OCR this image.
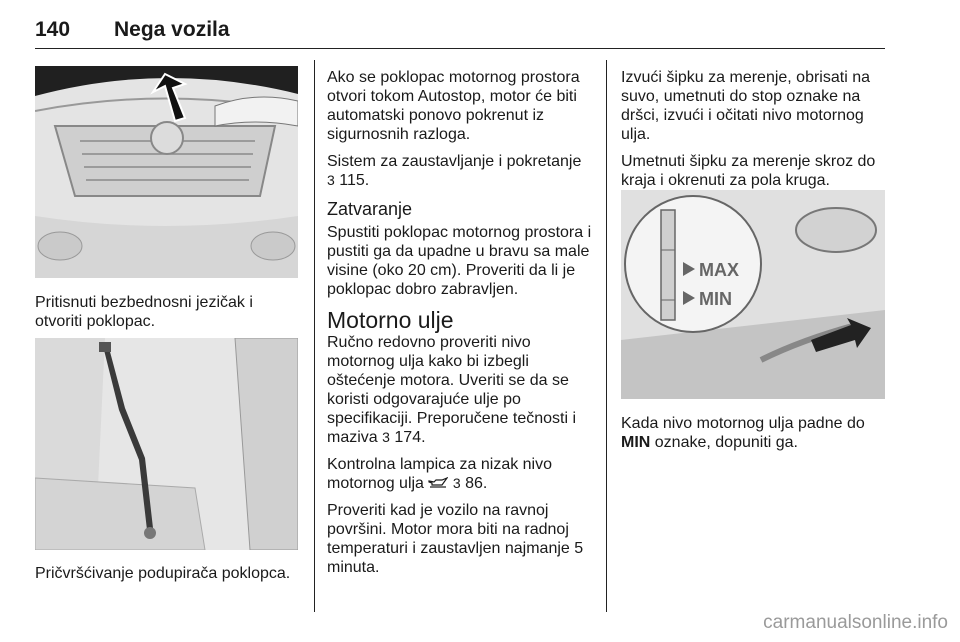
140 Nega vozila
Pritisnuti bezbednosni jezičak i otvoriti poklopac.
Pričvršćivanje podupirača poklopca.

Ako se poklopac motornog prostora otvori tokom Autostop, motor će biti automatski ponovo pokrenut iz sigurnosnih razloga.

Sistem za zaustavljanje i pokretanje 3 115.

Zatvaranje

Spustiti poklopac motornog prostora i pustiti ga da upadne u bravu sa male visine (oko 20 cm). Proveriti da li je poklopac dobro zabravljen.

Motorno ulje

Ručno redovno proveriti nivo motornog ulja kako bi izbegli oštećenje motora. Uveriti se da se koristi odgovarajuće ulje po specifikaciji. Preporučene tečnosti i maziva 3 174.

Kontrolna lampica za nizak nivo motornog ulja 3 86.

Proveriti kad je vozilo na ravnoj površini. Motor mora biti na radnoj temperaturi i zaustavljen najmanje 5 minuta.

Izvući šipku za merenje, obrisati na suvo, umetnuti do stop oznake na dršci, izvući i očitati nivo motornog ulja.

Umetnuti šipku za merenje skroz do kraja i okrenuti za pola kruga.

MAX
MIN
Kada nivo motornog ulja padne do MIN oznake, dopuniti ga.
carmanualsonline.info
